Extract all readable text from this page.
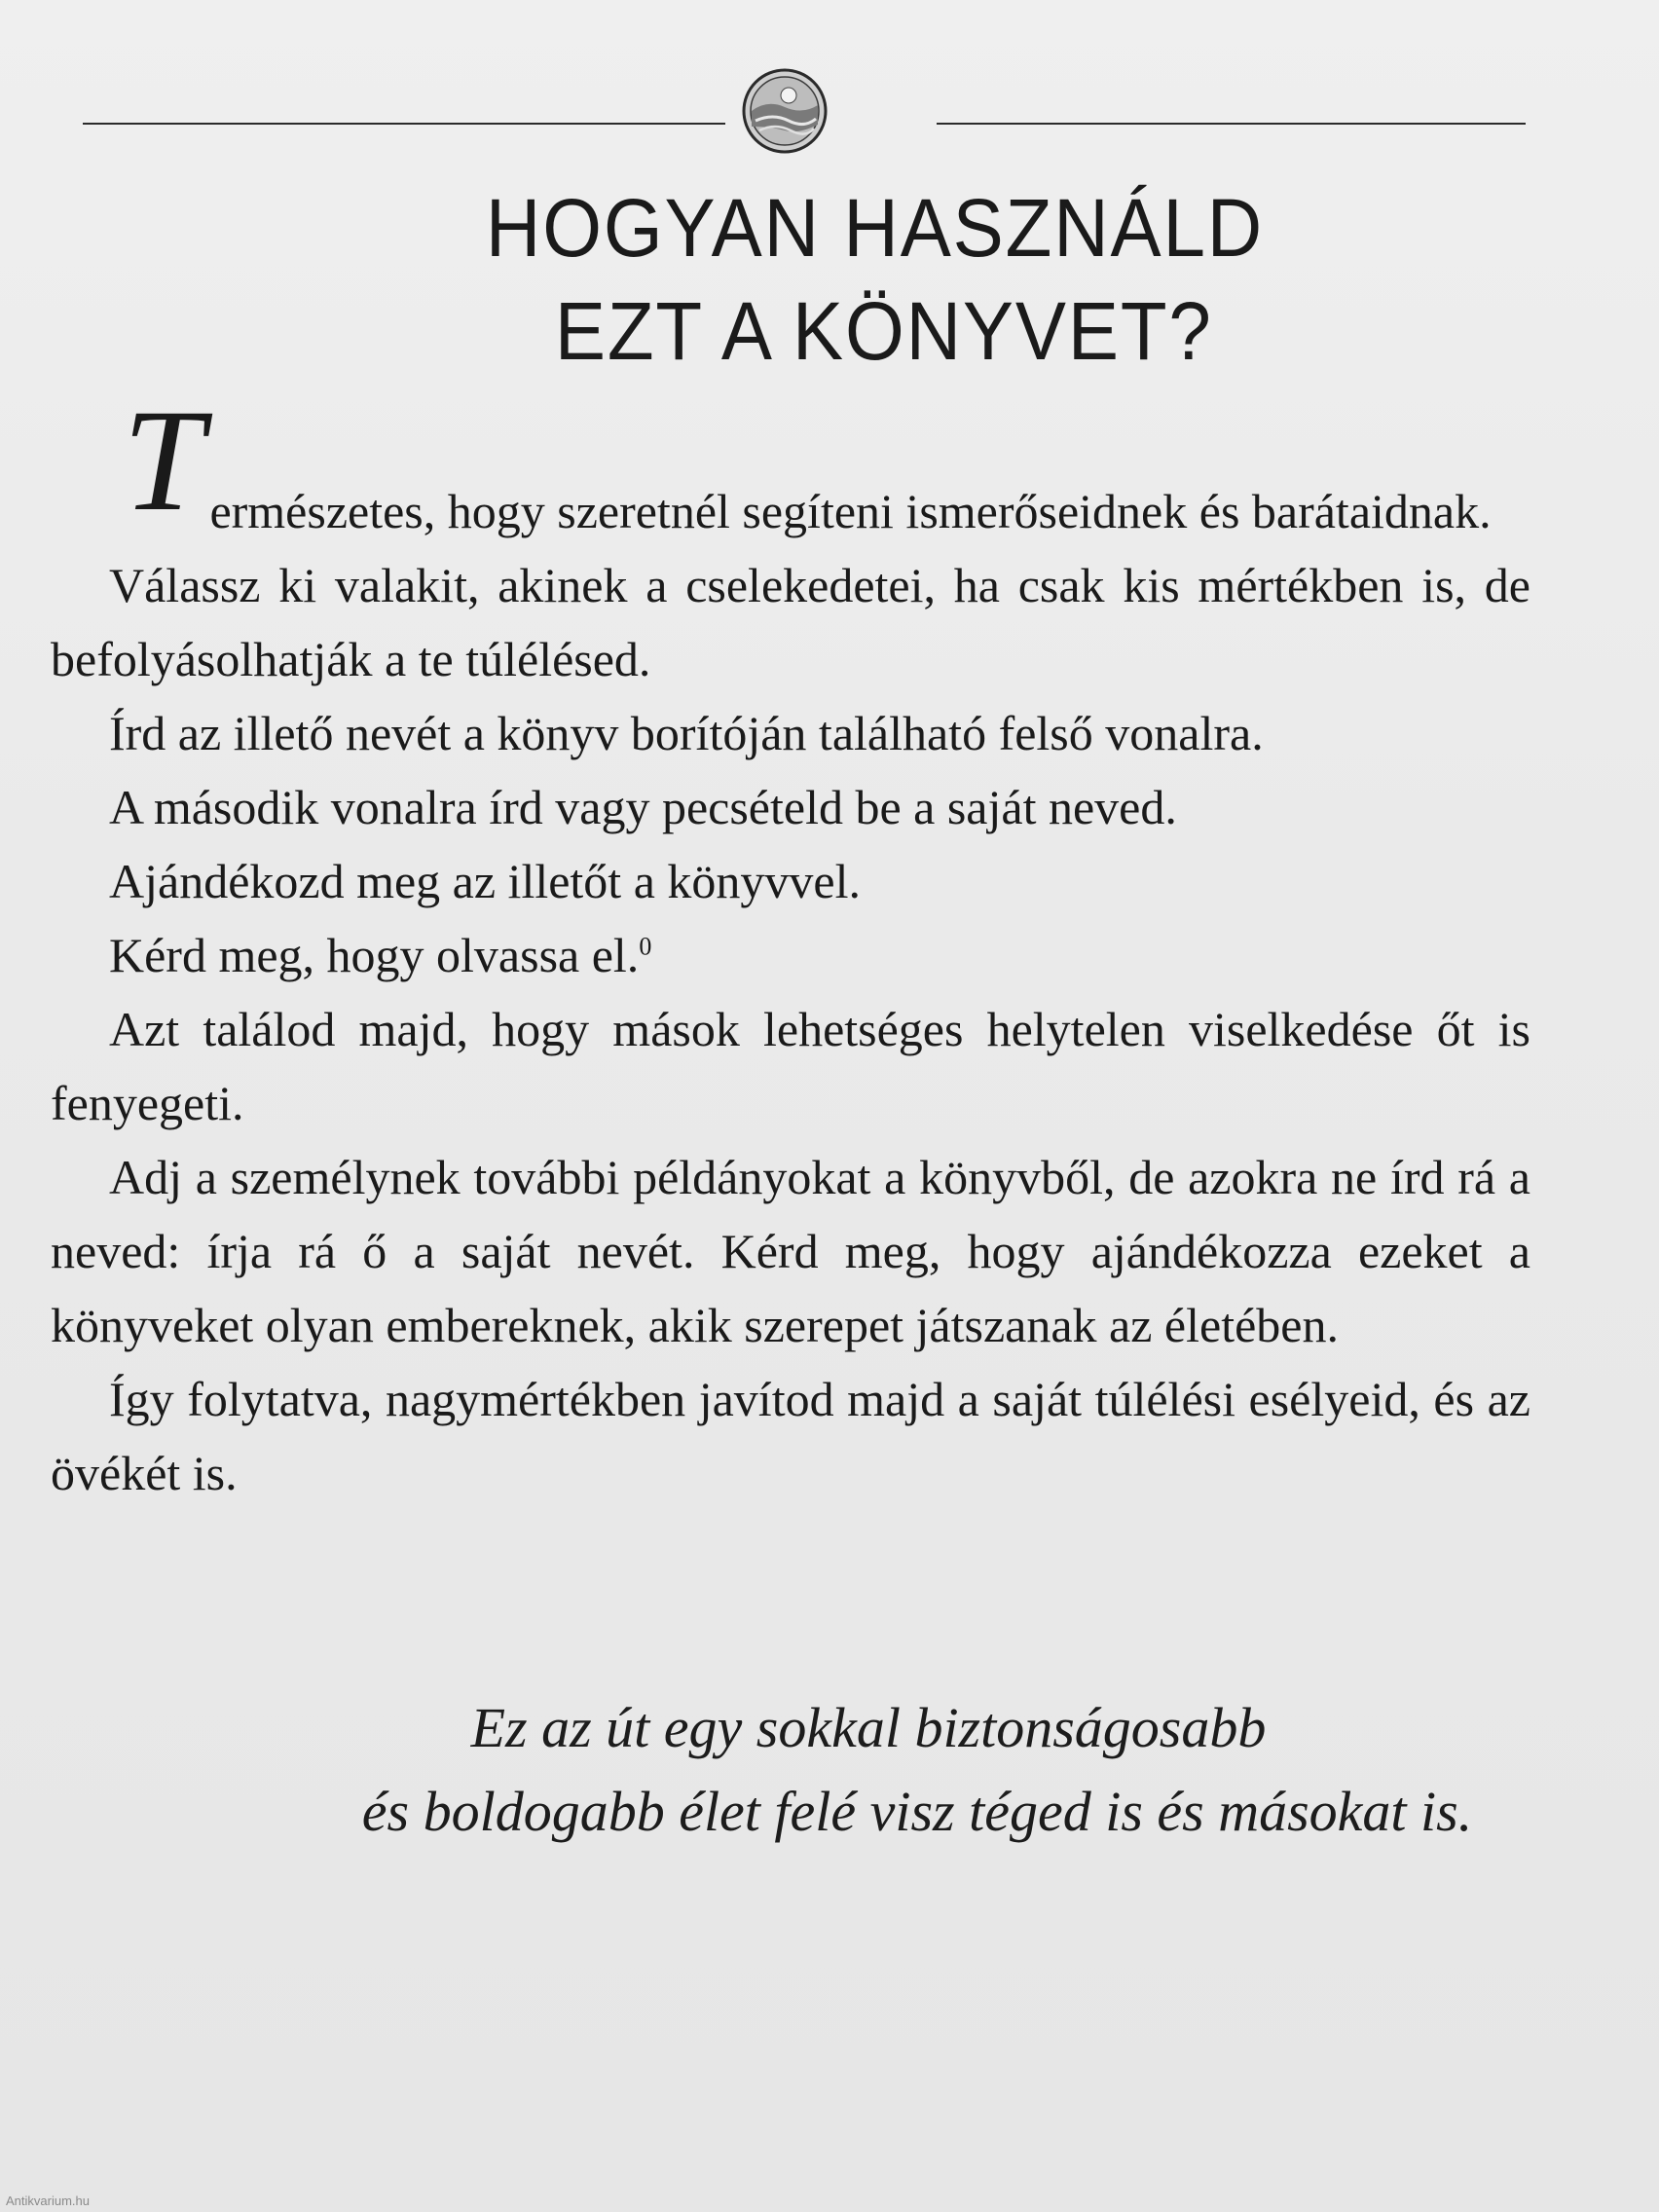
HOGYAN HASZNÁLD
EZT A KÖNYVET?

T ermészetes, hogy szeretnél segíteni ismerőseidnek és barátaidnak.

Válassz ki valakit, akinek a cselekedetei, ha csak kis mértékben is, de befolyásolhatják a te túlélésed.

Írd az illető nevét a könyv borítóján található felső vonalra.

A második vonalra írd vagy pecsételd be a saját neved.

Ajándékozd meg az illetőt a könyvvel.

Kérd meg, hogy olvassa el.$^0$

Azt találod majd, hogy mások lehetséges helytelen viselkedése őt is fenyegeti.

Adj a személynek további példányokat a könyvből, de azokra ne írd rá a neved: írja rá ő a saját nevét. Kérd meg, hogy ajándékozza ezeket a könyveket olyan embereknek, akik szerepet játszanak az életében.

Így folytatva, nagymértékben javítod majd a saját túlélési esélyeid, és az övékét is.

Ez az út egy sokkal biztonságosabb
és boldogabb élet felé visz téged is és másokat is.
Antikvarium.hu
